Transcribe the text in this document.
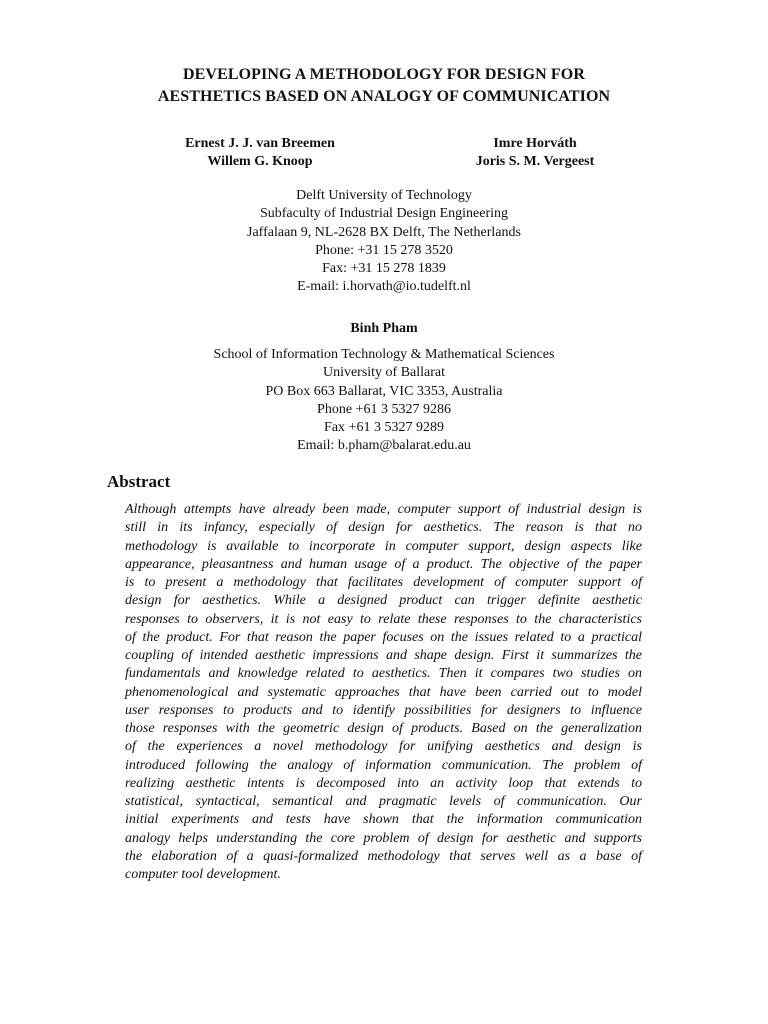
DEVELOPING A METHODOLOGY FOR DESIGN FOR
AESTHETICS BASED ON ANALOGY OF COMMUNICATION
Ernest J. J. van Breemen
Willem G. Knoop
Imre Horváth
Joris S. M. Vergeest
Delft University of Technology
Subfaculty of Industrial Design Engineering
Jaffalaan 9, NL-2628 BX Delft, The Netherlands
Phone: +31 15 278 3520
Fax: +31 15 278 1839
E-mail: i.horvath@io.tudelft.nl
Binh Pham
School of Information Technology & Mathematical Sciences
University of Ballarat
PO Box 663 Ballarat, VIC 3353, Australia
Phone +61 3 5327 9286
Fax +61 3 5327 9289
Email: b.pham@balarat.edu.au
Abstract
Although attempts have already been made, computer support of industrial design is
still in its infancy, especially of design for aesthetics. The reason is that no
methodology is available to incorporate in computer support, design aspects like
appearance, pleasantness and human usage of a product. The objective of the paper
is to present a methodology that facilitates development of computer support of
design for aesthetics. While a designed product can trigger definite aesthetic
responses to observers, it is not easy to relate these responses to the characteristics
of the product. For that reason the paper focuses on the issues related to a practical
coupling of intended aesthetic impressions and shape design. First it summarizes the
fundamentals and knowledge related to aesthetics. Then it compares two studies on
phenomenological and systematic approaches that have been carried out to model
user responses to products and to identify possibilities for designers to influence
those responses with the geometric design of products. Based on the generalization
of the experiences a novel methodology for unifying aesthetics and design is
introduced following the analogy of information communication. The problem of
realizing aesthetic intents is decomposed into an activity loop that extends to
statistical, syntactical, semantical and pragmatic levels of communication. Our
initial experiments and tests have shown that the information communication
analogy helps understanding the core problem of design for aesthetic and supports
the elaboration of a quasi-formalized methodology that serves well as a base of
computer tool development.
